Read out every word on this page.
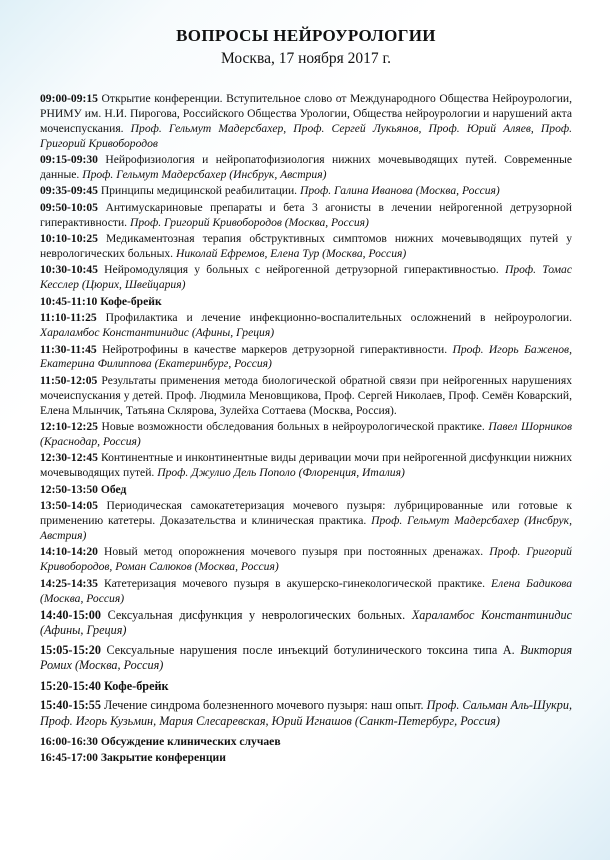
ВОПРОСЫ НЕЙРОУРОЛОГИИ
Москва, 17 ноября 2017 г.
09:00-09:15 Открытие конференции. Вступительное слово от Международного Общества Нейроурологии, РНИМУ им. Н.И. Пирогова, Российского Общества Урологии, Общества нейроурологии и нарушений акта мочеиспускания. Проф. Гельмут Мадерсбахер, Проф. Сергей Лукьянов, Проф. Юрий Аляев, Проф. Григорий Кривобородов
09:15-09:30 Нейрофизиология и нейропатофизиология нижних мочевыводящих путей. Современные данные. Проф. Гельмут Мадерсбахер (Инсбрук, Австрия)
09:35-09:45 Принципы медицинской реабилитации. Проф. Галина Иванова (Москва, Россия)
09:50-10:05 Антимускариновые препараты и бета 3 агонисты в лечении нейрогенной детрузорной гиперактивности. Проф. Григорий Кривобородов (Москва, Россия)
10:10-10:25 Медикаментозная терапия обструктивных симптомов нижних мочевыводящих путей у неврологических больных. Николай Ефремов, Елена Тур (Москва, Россия)
10:30-10:45 Нейромодуляция у больных с нейрогенной детрузорной гиперактивностью. Проф. Томас Кесслер (Цюрих, Швейцария)
10:45-11:10 Кофе-брейк
11:10-11:25 Профилактика и лечение инфекционно-воспалительных осложнений в нейроурологии. Хараламбос Константинидис (Афины, Греция)
11:30-11:45 Нейротрофины в качестве маркеров детрузорной гиперактивности. Проф. Игорь Баженов, Екатерина Филиппова (Екатеринбург, Россия)
11:50-12:05 Результаты применения метода биологической обратной связи при нейрогенных нарушениях мочеиспускания у детей. Проф. Людмила Меновщикова, Проф. Сергей Николаев, Проф. Семён Коварский, Елена Млынчик, Татьяна Склярова, Зулейха Соттаева (Москва, Россия).
12:10-12:25 Новые возможности обследования больных в нейроурологической практике. Павел Шорников (Краснодар, Россия)
12:30-12:45 Континентные и инконтинентные виды деривации мочи при нейрогенной дисфункции нижних мочевыводящих путей. Проф. Джулио Дель Пополо (Флоренция, Италия)
12:50-13:50 Обед
13:50-14:05 Периодическая самокатетеризация мочевого пузыря: лубрицированные или готовые к применению катетеры. Доказательства и клиническая практика. Проф. Гельмут Мадерсбахер (Инсбрук, Австрия)
14:10-14:20 Новый метод опорожнения мочевого пузыря при постоянных дренажах. Проф. Григорий Кривобородов, Роман Салюков (Москва, Россия)
14:25-14:35 Катетеризация мочевого пузыря в акушерско-гинекологической практике. Елена Бадикова (Москва, Россия)
14:40-15:00 Сексуальная дисфункция у неврологических больных. Хараламбос Константинидис (Афины, Греция)
15:05-15:20 Сексуальные нарушения после инъекций ботулинического токсина типа А. Виктория Ромих (Москва, Россия)
15:20-15:40 Кофе-брейк
15:40-15:55 Лечение синдрома болезненного мочевого пузыря: наш опыт. Проф. Сальман Аль-Шукри, Проф. Игорь Кузьмин, Мария Слесаревская, Юрий Игнашов (Санкт-Петербург, Россия)
16:00-16:30 Обсуждение клинических случаев
16:45-17:00 Закрытие конференции
